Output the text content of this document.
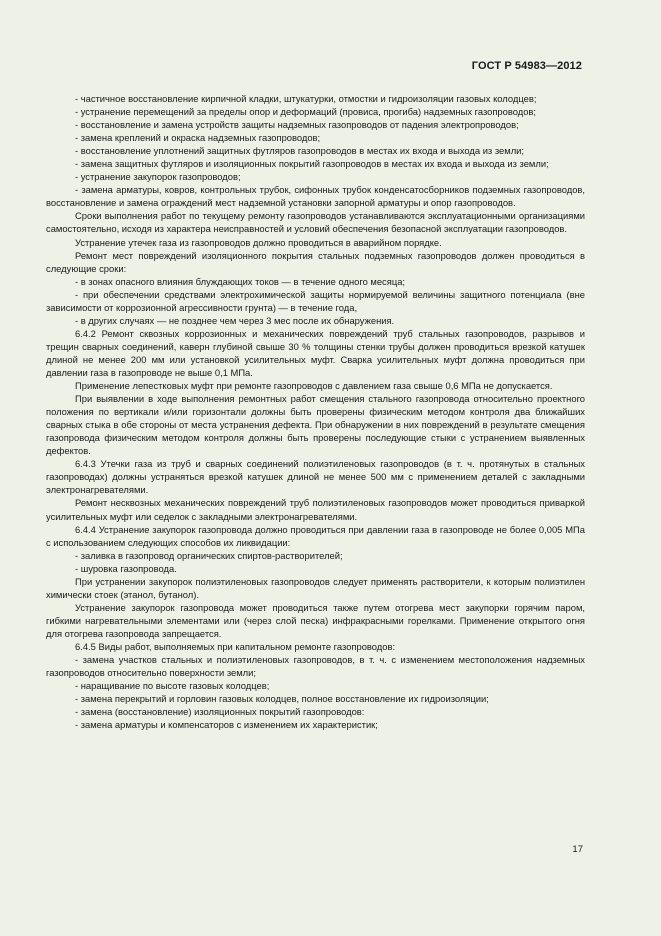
ГОСТ Р 54983—2012

- частичное восстановление кирпичной кладки, штукатурки, отмостки и гидроизоляции газовых колодцев;

- устранение перемещений за пределы опор и деформаций (провиса, прогиба) надземных газопроводов;

- восстановление и замена устройств защиты надземных газопроводов от падения электропроводов;

- замена креплений и окраска надземных газопроводов;

- восстановление уплотнений защитных футляров газопроводов в местах их входа и выхода из земли;

- замена защитных футляров и изоляционных покрытий газопроводов в местах их входа и выхода из земли;

- устранение закупорок газопроводов;

- замена арматуры, ковров, контрольных трубок, сифонных трубок конденсатосборников подземных газопроводов, восстановление и замена ограждений мест надземной установки запорной арматуры и опор газопроводов.

Сроки выполнения работ по текущему ремонту газопроводов устанавливаются эксплуатационными организациями самостоятельно, исходя из характера неисправностей и условий обеспечения безопасной эксплуатации газопроводов.

Устранение утечек газа из газопроводов должно проводиться в аварийном порядке.

Ремонт мест повреждений изоляционного покрытия стальных подземных газопроводов должен проводиться в следующие сроки:

- в зонах опасного влияния блуждающих токов — в течение одного месяца;

- при обеспечении средствами электрохимической защиты нормируемой величины защитного потенциала (вне зависимости от коррозионной агрессивности грунта) — в течение года,

- в других случаях — не позднее чем через 3 мес после их обнаружения.

6.4.2 Ремонт сквозных коррозионных и механических повреждений труб стальных газопроводов, разрывов и трещин сварных соединений, каверн глубиной свыше 30 % толщины стенки трубы должен проводиться врезкой катушек длиной не менее 200 мм или установкой усилительных муфт. Сварка усилительных муфт должна проводиться при давлении газа в газопроводе не выше 0,1 МПа.

Применение лепестковых муфт при ремонте газопроводов с давлением газа свыше 0,6 МПа не допускается.

При выявлении в ходе выполнения ремонтных работ смещения стального газопровода относительно проектного положения по вертикали и/или горизонтали должны быть проверены физическим методом контроля два ближайших сварных стыка в обе стороны от места устранения дефекта. При обнаружении в них повреждений в результате смещения газопровода физическим методом контроля должны быть проверены последующие стыки с устранением выявленных дефектов.

6.4.3 Утечки газа из труб и сварных соединений полиэтиленовых газопроводов (в т. ч. протянутых в стальных газопроводах) должны устраняться врезкой катушек длиной не менее 500 мм с применением деталей с закладными электронагревателями.

Ремонт несквозных механических повреждений труб полиэтиленовых газопроводов может проводиться приваркой усилительных муфт или седелок с закладными электронагревателями.

6.4.4 Устранение закупорок газопровода должно проводиться при давлении газа в газопроводе не более 0,005 МПа с использованием следующих способов их ликвидации:

- заливка в газопровод органических спиртов-растворителей;

- шуровка газопровода.

При устранении закупорок полиэтиленовых газопроводов следует применять растворители, к которым полиэтилен химически стоек (этанол, бутанол).

Устранение закупорок газопровода может проводиться также путем отогрева мест закупорки горячим паром, гибкими нагревательными элементами или (через слой песка) инфракрасными горелками. Применение открытого огня для отогрева газопровода запрещается.

6.4.5 Виды работ, выполняемых при капитальном ремонте газопроводов:

- замена участков стальных и полиэтиленовых газопроводов, в т. ч. с изменением местоположения надземных газопроводов относительно поверхности земли;

- наращивание по высоте газовых колодцев;

- замена перекрытий и горловин газовых колодцев, полное восстановление их гидроизоляции;

- замена (восстановление) изоляционных покрытий газопроводов:

- замена арматуры и компенсаторов с изменением их характеристик;

17
